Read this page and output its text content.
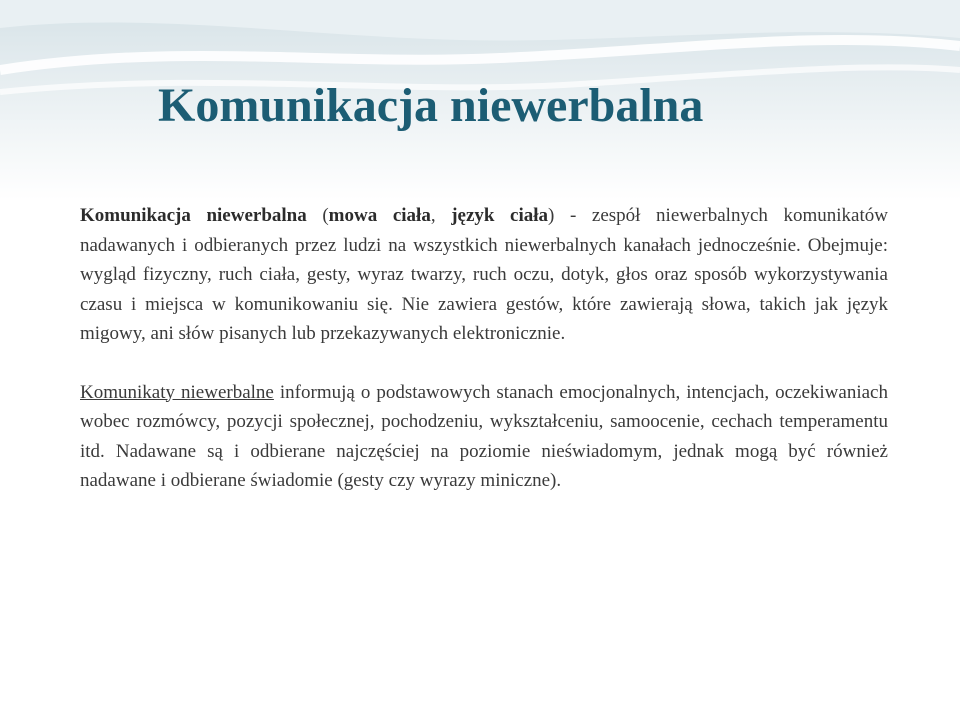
Komunikacja niewerbalna

Komunikacja niewerbalna (mowa ciała, język ciała) - zespół niewerbalnych komunikatów nadawanych i odbieranych przez ludzi na wszystkich niewerbalnych kanałach jednocześnie. Obejmuje: wygląd fizyczny, ruch ciała, gesty, wyraz twarzy, ruch oczu, dotyk, głos oraz sposób wykorzystywania czasu i miejsca w komunikowaniu się. Nie zawiera gestów, które zawierają słowa, takich jak język migowy, ani słów pisanych lub przekazywanych elektronicznie.

Komunikaty niewerbalne informują o podstawowych stanach emocjonalnych, intencjach, oczekiwaniach wobec rozmówcy, pozycji społecznej, pochodzeniu, wykształceniu, samoocenie, cechach temperamentu itd. Nadawane są i odbierane najczęściej na poziomie nieświadomym, jednak mogą być również nadawane i odbierane świadomie (gesty czy wyrazy miniczne).
